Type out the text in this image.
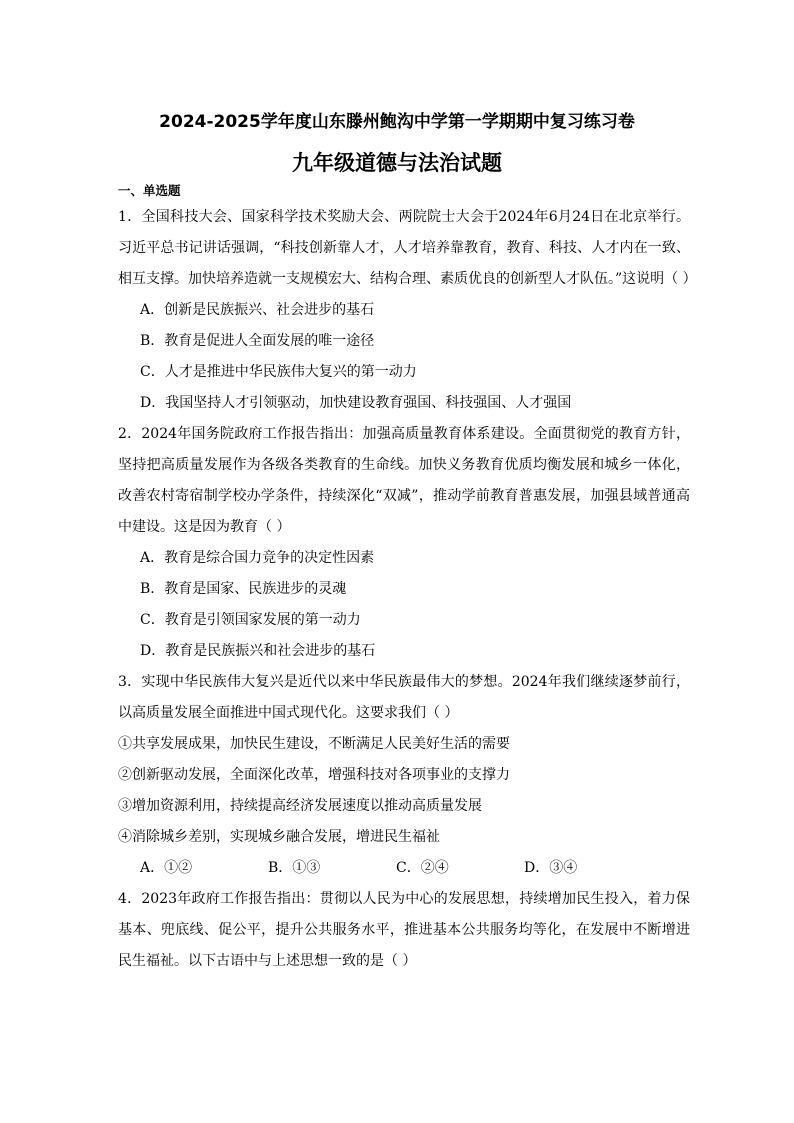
2024-2025学年度山东滕州鲍沟中学第一学期期中复习练习卷
九年级道德与法治试题
一、单选题

1．全国科技大会、国家科学技术奖励大会、两院院士大会于2024年6月24日在北京举行。习近平总书记讲话强调，“科技创新靠人才，人才培养靠教育，教育、科技、人才内在一致、相互支撑。加快培养造就一支规模宏大、结构合理、素质优良的创新型人才队伍。”这说明（ ）

A．创新是民族振兴、社会进步的基石
B．教育是促进人全面发展的唯一途径
C．人才是推进中华民族伟大复兴的第一动力
D．我国坚持人才引领驱动，加快建设教育强国、科技强国、人才强国

2．2024年国务院政府工作报告指出：加强高质量教育体系建设。全面贯彻党的教育方针，坚持把高质量发展作为各级各类教育的生命线。加快义务教育优质均衡发展和城乡一体化，改善农村寄宿制学校办学条件，持续深化“双减”，推动学前教育普惠发展，加强县域普通高中建设。这是因为教育（ ）

A．教育是综合国力竞争的决定性因素
B．教育是国家、民族进步的灵魂
C．教育是引领国家发展的第一动力
D．教育是民族振兴和社会进步的基石

3．实现中华民族伟大复兴是近代以来中华民族最伟大的梦想。2024年我们继续逐梦前行，以高质量发展全面推进中国式现代化。这要求我们（ ）

①共享发展成果，加快民生建设，不断满足人民美好生活的需要
②创新驱动发展，全面深化改革，增强科技对各项事业的支撑力
③增加资源利用，持续提高经济发展速度以推动高质量发展
④消除城乡差别，实现城乡融合发展，增进民生福祉
A．①②	B．①③	C．②④	D．③④

4．2023年政府工作报告指出：贯彻以人民为中心的发展思想，持续增加民生投入，着力保基本、兜底线、促公平，提升公共服务水平，推进基本公共服务均等化，在发展中不断增进民生福祉。以下古语中与上述思想一致的是（ ）
